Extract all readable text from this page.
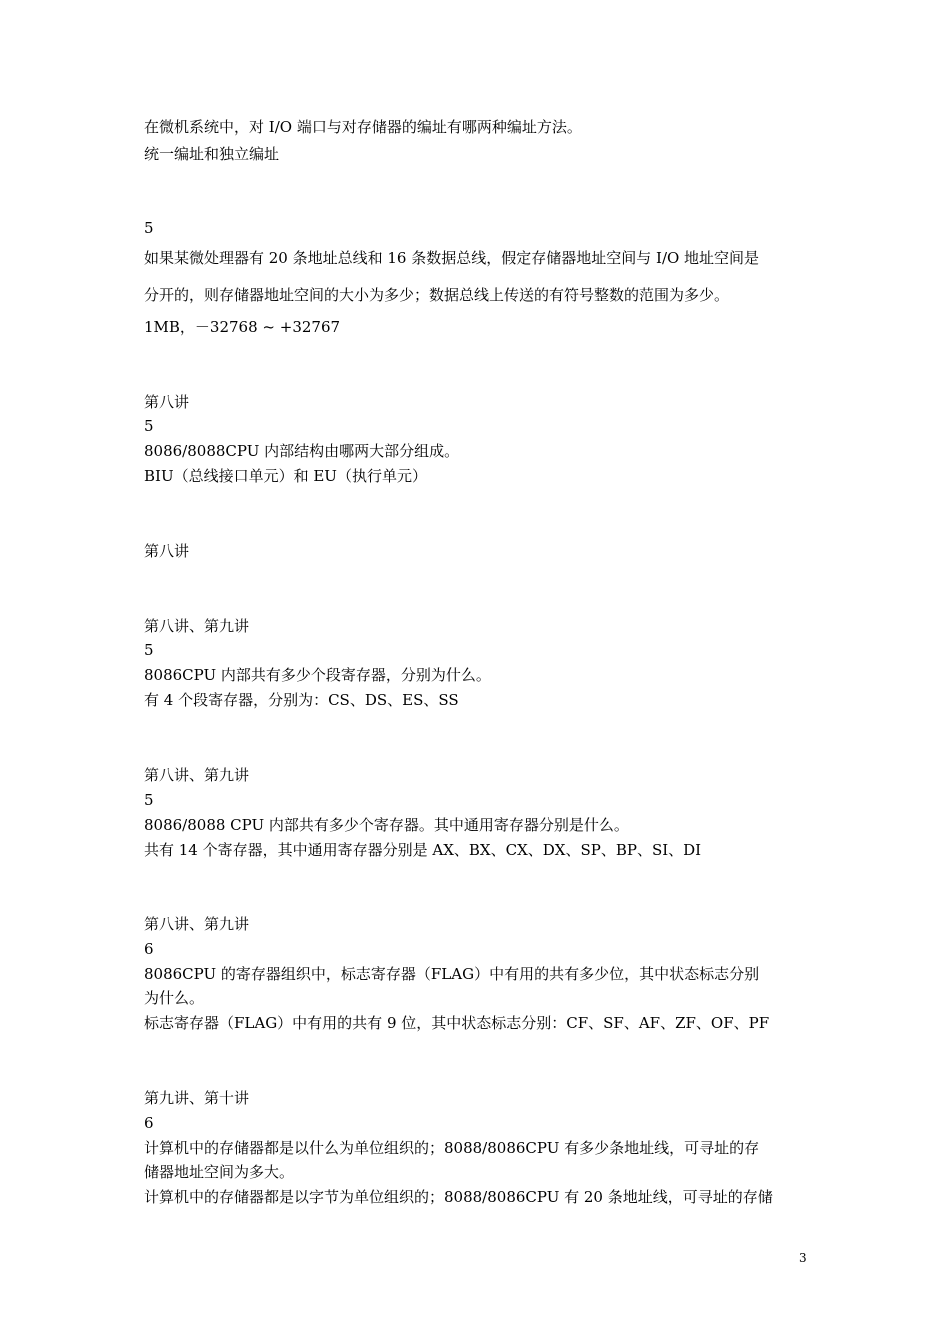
在微机系统中，对 I/O 端口与对存储器的编址有哪两种编址方法。

统一编址和独立编址

5

如果某微处理器有 20 条地址总线和 16 条数据总线，假定存储器地址空间与 I/O 地址空间是

分开的，则存储器地址空间的大小为多少；数据总线上传送的有符号整数的范围为多少。

1MB，－32768 ~ +32767

第八讲

5

8086/8088CPU 内部结构由哪两大部分组成。

BIU（总线接口单元）和 EU（执行单元）

第八讲

第八讲、第九讲

5

8086CPU 内部共有多少个段寄存器，分别为什么。

有 4 个段寄存器，分别为：CS、DS、ES、SS

第八讲、第九讲

5

8086/8088 CPU 内部共有多少个寄存器。其中通用寄存器分别是什么。

共有 14 个寄存器，其中通用寄存器分别是 AX、BX、CX、DX、SP、BP、SI、DI

第八讲、第九讲

6

8086CPU 的寄存器组织中，标志寄存器（FLAG）中有用的共有多少位，其中状态标志分别

为什么。

标志寄存器（FLAG）中有用的共有 9 位，其中状态标志分别：CF、SF、AF、ZF、OF、PF

第九讲、第十讲

6

计算机中的存储器都是以什么为单位组织的；8088/8086CPU 有多少条地址线，可寻址的存

储器地址空间为多大。

计算机中的存储器都是以字节为单位组织的；8088/8086CPU 有 20 条地址线，可寻址的存储

3
